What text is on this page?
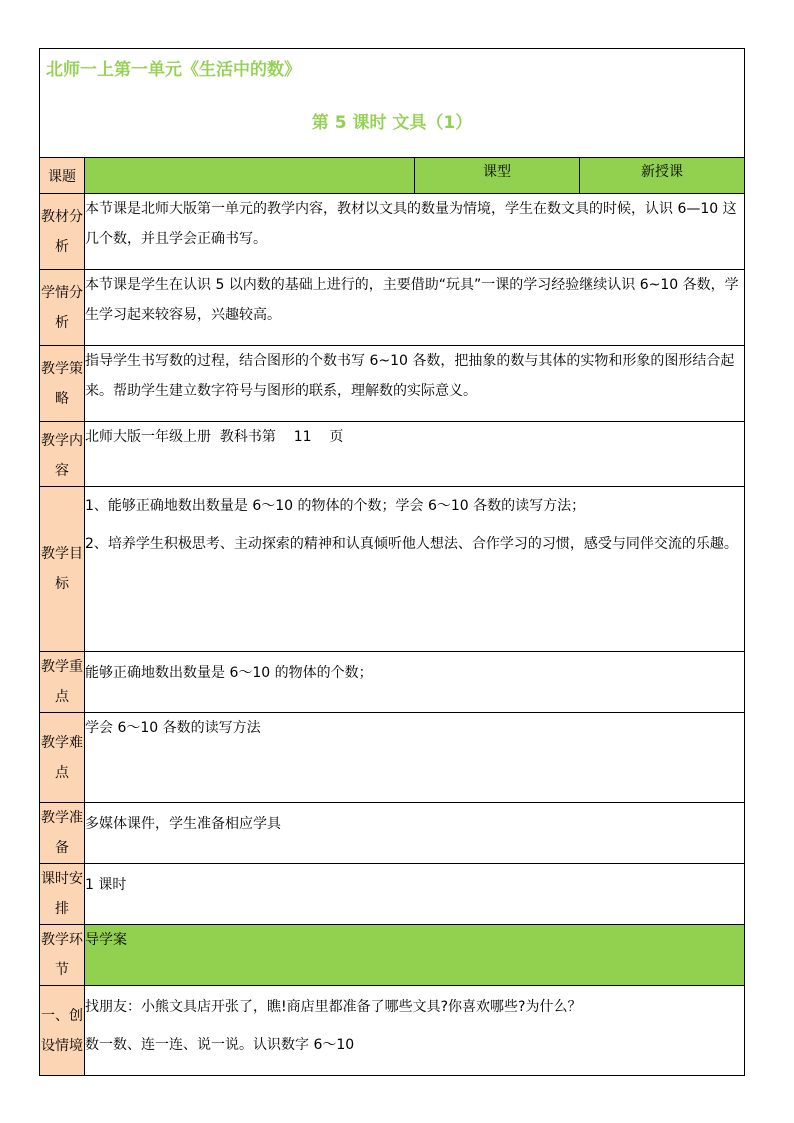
北师一上第一单元《生活中的数》
第 5 课时 文具（1）			

课题		课型	新授课
教材分析	本节课是北师大版第一单元的教学内容，教材以文具的数量为情境，学生在数文具的时候，认识 6—10 这几个数，并且学会正确书写。		

学情分析	本节课是学生在认识 5 以内数的基础上进行的，主要借助“玩具”一课的学习经验继续认识 6~10 各数，学生学习起来较容易，兴趣较高。		

教学策略	指导学生书写数的过程，结合图形的个数书写 6~10 各数，把抽象的数与其体的实物和形象的图形结合起来。帮助学生建立数字符号与图形的联系，理解数的实际意义。		

教学内容	北师大版一年级上册  教科书第    11    页		

教学目标	1、能够正确地数出数量是 6～10 的物体的个数；学会 6～10 各数的读写方法；

2、培养学生积极思考、主动探索的精神和认真倾听他人想法、合作学习的习惯，感受与同伴交流的乐趣。		

教学重点	能够正确地数出数量是 6～10 的物体的个数；		

教学难点	学会 6～10 各数的读写方法		

教学准备	多媒体课件，学生准备相应学具		

课时安排	1 课时		

教学环节	导学案		

一、创设情境	找朋友：小熊文具店开张了，瞧!商店里都准备了哪些文具?你喜欢哪些?为什么？

数一数、连一连、说一说。认识数字 6～10		
